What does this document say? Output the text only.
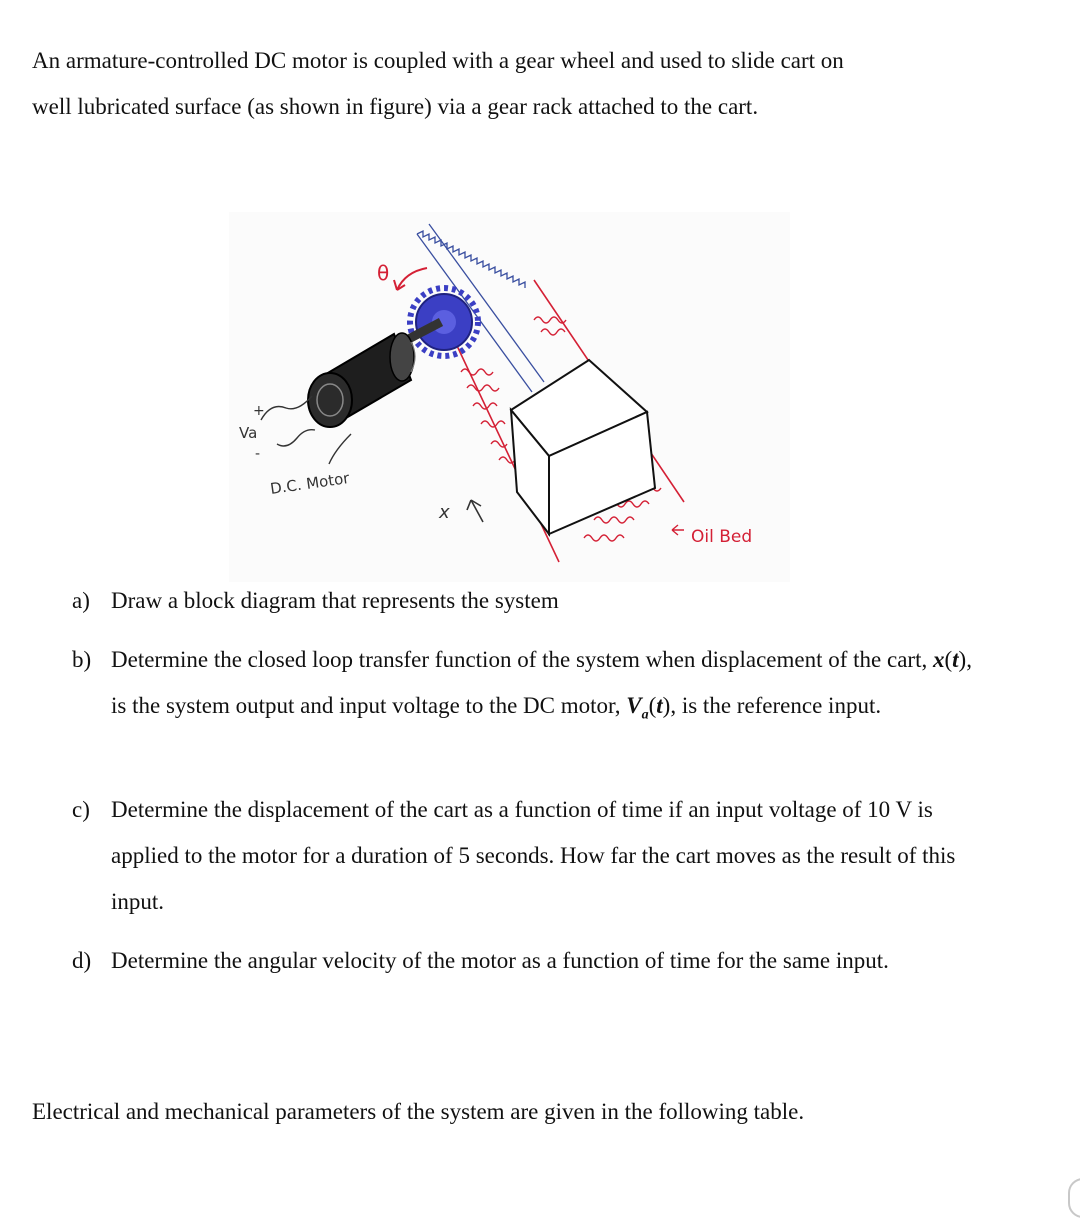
An armature-controlled DC motor is coupled with a gear wheel and used to slide cart on
well lubricated surface (as shown in figure) via a gear rack attached to the cart.
θ
Va
+
-
D.C. Motor
x
Oil Bed
a) Draw a block diagram that represents the system
b) Determine the closed loop transfer function of the system when displacement of the cart, x(t), is the system output and input voltage to the DC motor, $V_a(t)$, is the reference input.
c) Determine the displacement of the cart as a function of time if an input voltage of 10 V is applied to the motor for a duration of 5 seconds. How far the cart moves as the result of this input.
d) Determine the angular velocity of the motor as a function of time for the same input.
Electrical and mechanical parameters of the system are given in the following table.
